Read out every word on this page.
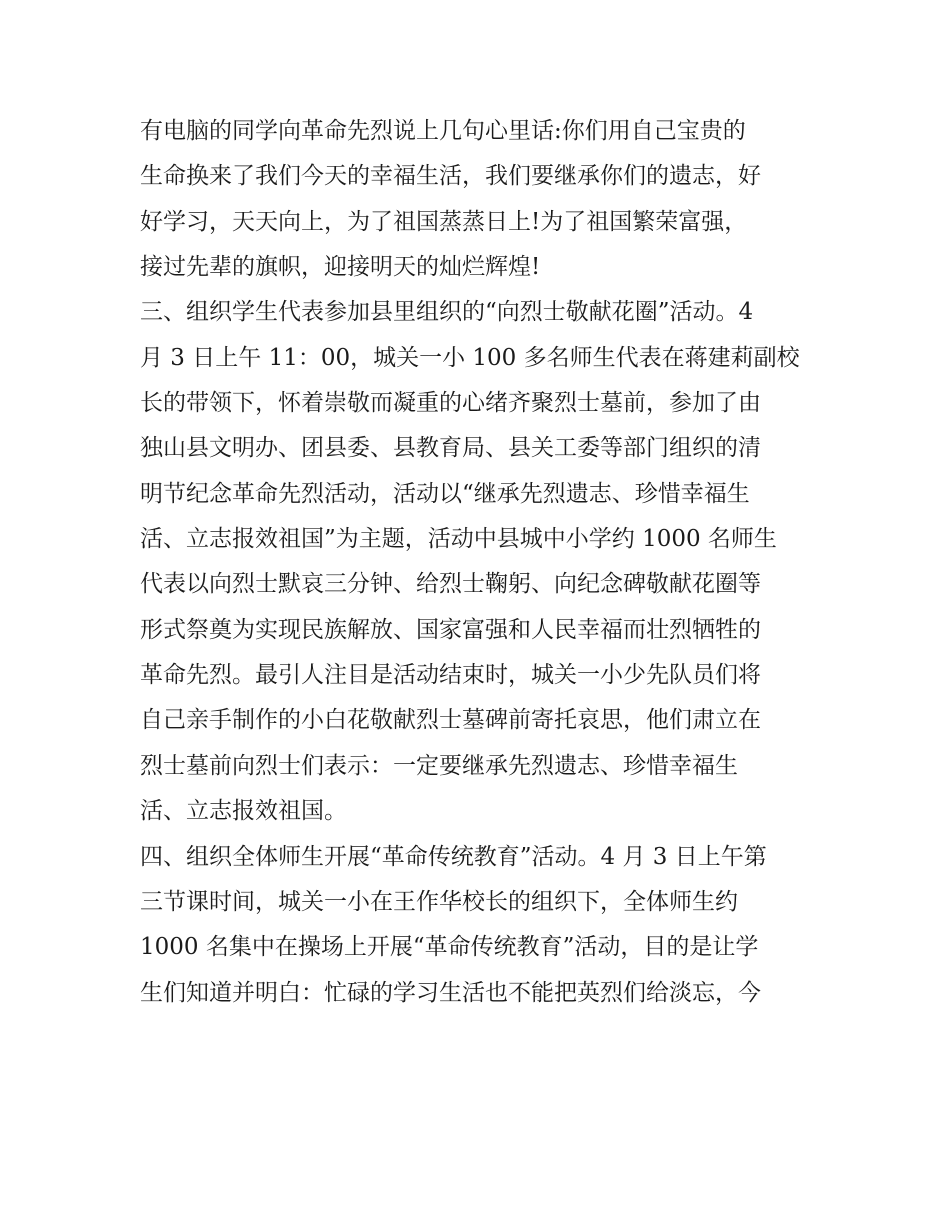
有电脑的同学向革命先烈说上几句心里话:你们用自己宝贵的
生命换来了我们今天的幸福生活，我们要继承你们的遗志，好
好学习，天天向上，为了祖国蒸蒸日上!为了祖国繁荣富强，
接过先辈的旗帜，迎接明天的灿烂辉煌!
三、组织学生代表参加县里组织的“向烈士敬献花圈”活动。4
月 3 日上午 11：00，城关一小 100 多名师生代表在蒋建莉副校
长的带领下，怀着崇敬而凝重的心绪齐聚烈士墓前，参加了由
独山县文明办、团县委、县教育局、县关工委等部门组织的清
明节纪念革命先烈活动，活动以“继承先烈遗志、珍惜幸福生
活、立志报效祖国”为主题，活动中县城中小学约 1000 名师生
代表以向烈士默哀三分钟、给烈士鞠躬、向纪念碑敬献花圈等
形式祭奠为实现民族解放、国家富强和人民幸福而壮烈牺牲的
革命先烈。最引人注目是活动结束时，城关一小少先队员们将
自己亲手制作的小白花敬献烈士墓碑前寄托哀思，他们肃立在
烈士墓前向烈士们表示：一定要继承先烈遗志、珍惜幸福生
活、立志报效祖国。
四、组织全体师生开展“革命传统教育”活动。4 月 3 日上午第
三节课时间，城关一小在王作华校长的组织下，全体师生约
1000 名集中在操场上开展“革命传统教育”活动，目的是让学
生们知道并明白：忙碌的学习生活也不能把英烈们给淡忘，今
